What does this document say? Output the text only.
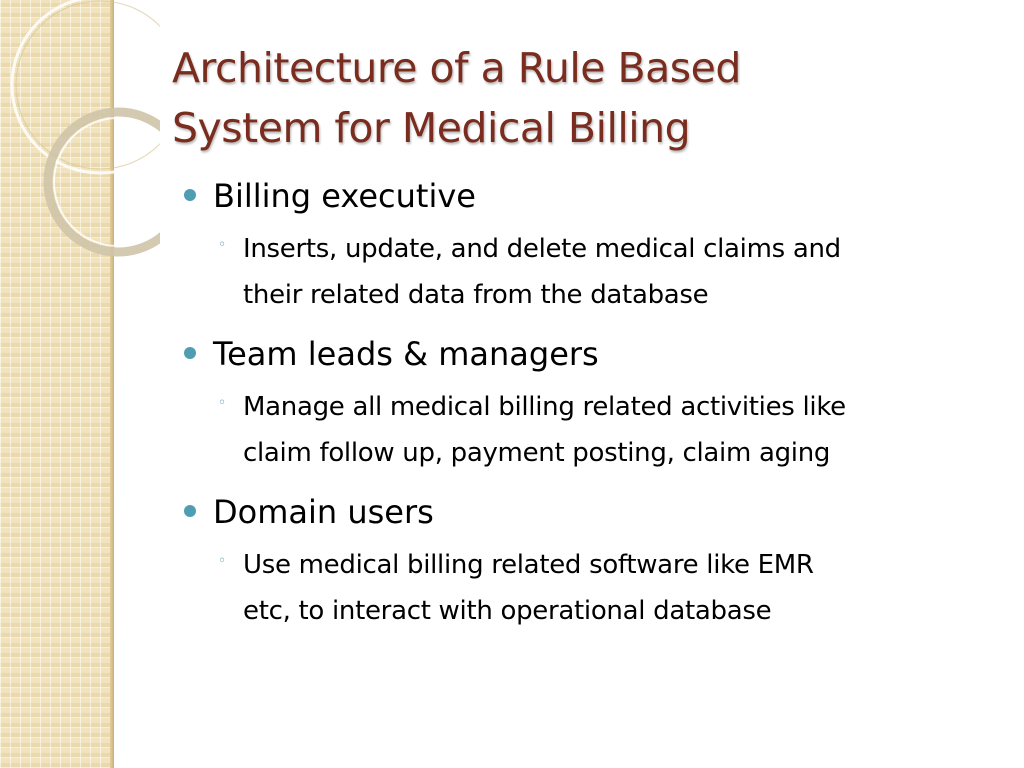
Architecture of a Rule Based
System for Medical Billing

Billing executive

◦ Inserts, update, and delete medical claims and
their related data from the database

Team leads & managers

◦ Manage all medical billing related activities like
claim follow up, payment posting, claim aging

Domain users

◦ Use medical billing related software like EMR
etc, to interact with operational database
